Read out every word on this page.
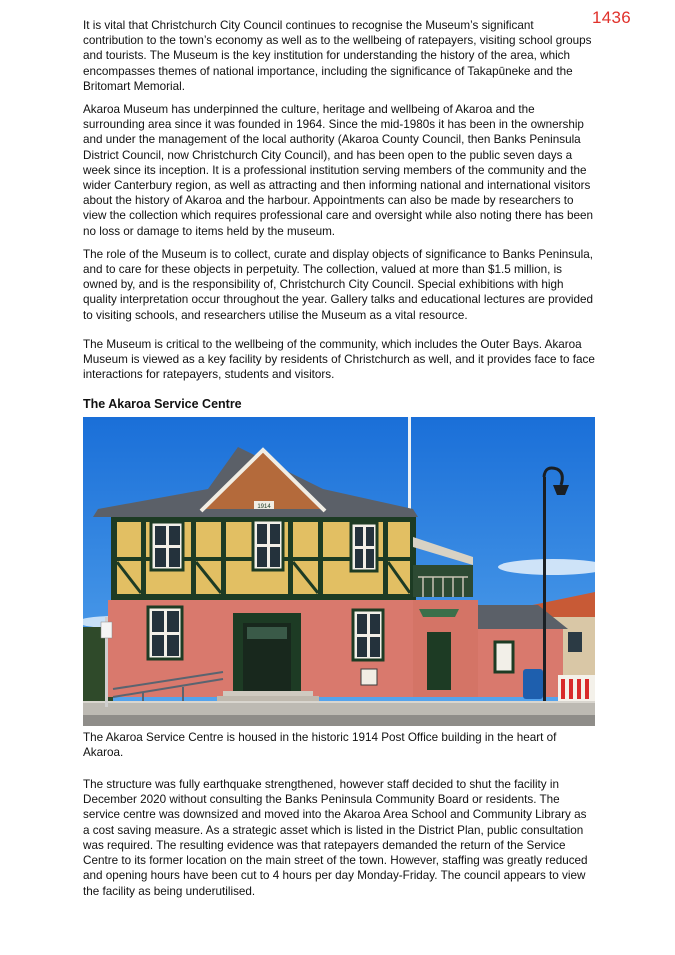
1436

It is vital that Christchurch City Council continues to recognise the Museum’s significant contribution to the town’s economy as well as to the wellbeing of ratepayers, visiting school groups and tourists. The Museum is the key institution for understanding the history of the area, which encompasses themes of national importance, including the significance of Takapūneke and the Britomart Memorial.

Akaroa Museum has underpinned the culture, heritage and wellbeing of Akaroa and the surrounding area since it was founded in 1964. Since the mid-1980s it has been in the ownership and under the management of the local authority (Akaroa County Council, then Banks Peninsula District Council, now Christchurch City Council), and has been open to the public seven days a week since its inception. It is a professional institution serving members of the community and the wider Canterbury region, as well as attracting and then informing national and international visitors about the history of Akaroa and the harbour. Appointments can also be made by researchers to view the collection which requires professional care and oversight while also noting there has been no loss or damage to items held by the museum.

The role of the Museum is to collect, curate and display objects of significance to Banks Peninsula, and to care for these objects in perpetuity. The collection, valued at more than $1.5 million, is owned by, and is the responsibility of, Christchurch City Council. Special exhibitions with high quality interpretation occur throughout the year. Gallery talks and educational lectures are provided to visiting schools, and researchers utilise the Museum as a vital resource.

The Museum is critical to the wellbeing of the community, which includes the Outer Bays. Akaroa Museum is viewed as a key facility by residents of Christchurch as well, and it provides face to face interactions for ratepayers, students and visitors.

The Akaroa Service Centre
1914

The Akaroa Service Centre is housed in the historic 1914 Post Office building in the heart of Akaroa.

The structure was fully earthquake strengthened, however staff decided to shut the facility in December 2020 without consulting the Banks Peninsula Community Board or residents. The service centre was downsized and moved into the Akaroa Area School and Community Library as a cost saving measure. As a strategic asset which is listed in the District Plan, public consultation was required. The resulting evidence was that ratepayers demanded the return of the Service Centre to its former location on the main street of the town. However, staffing was greatly reduced and opening hours have been cut to 4 hours per day Monday-Friday. The council appears to view the facility as being underutilised.
